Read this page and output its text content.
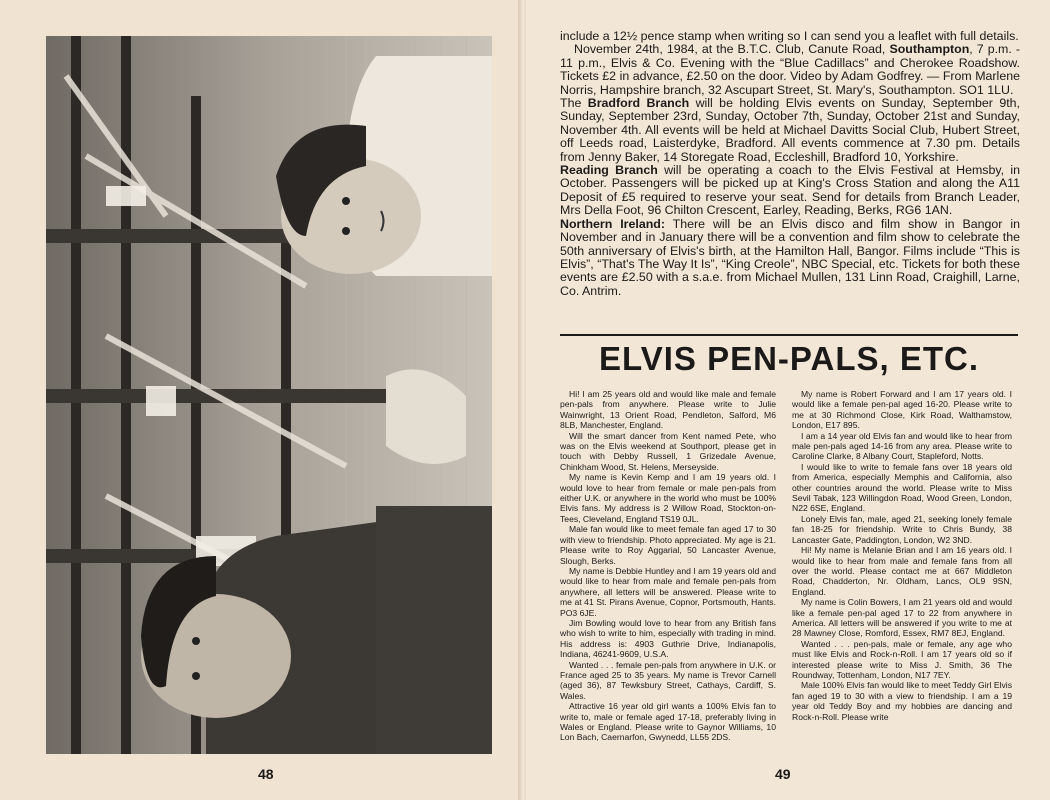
48

include a 12½ pence stamp when writing so I can send you a leaflet with full details.

November 24th, 1984, at the B.T.C. Club, Canute Road, Southampton, 7 p.m. - 11 p.m., Elvis & Co. Evening with the “Blue Cadillacs” and Cherokee Roadshow. Tickets £2 in advance, £2.50 on the door. Video by Adam Godfrey. — From Marlene Norris, Hampshire branch, 32 Ascupart Street, St. Mary's, Southampton. SO1 1LU.

The Bradford Branch will be holding Elvis events on Sunday, September 9th, Sunday, September 23rd, Sunday, October 7th, Sunday, October 21st and Sunday, November 4th. All events will be held at Michael Davitts Social Club, Hubert Street, off Leeds road, Laisterdyke, Bradford. All events commence at 7.30 pm. Details from Jenny Baker, 14 Storegate Road, Eccleshill, Bradford 10, Yorkshire.

Reading Branch will be operating a coach to the Elvis Festival at Hemsby, in October. Passengers will be picked up at King's Cross Station and along the A11 Deposit of £5 required to reserve your seat. Send for details from Branch Leader, Mrs Della Foot, 96 Chilton Crescent, Earley, Reading, Berks, RG6 1AN.

Northern Ireland: There will be an Elvis disco and film show in Bangor in November and in January there will be a convention and film show to celebrate the 50th anniversary of Elvis's birth, at the Hamilton Hall, Bangor. Films include “This is Elvis”, “That's The Way It Is”, “King Creole”, NBC Special, etc. Tickets for both these events are £2.50 with a s.a.e. from Michael Mullen, 131 Linn Road, Craighill, Larne, Co. Antrim.

ELVIS PEN-PALS, ETC.

Hi! I am 25 years old and would like male and female pen-pals from anywhere. Please write to Julie Wainwright, 13 Orient Road, Pendleton, Salford, M6 8LB, Manchester, England.

Will the smart dancer from Kent named Pete, who was on the Elvis weekend at Southport, please get in touch with Debby Russell, 1 Grizedale Avenue, Chinkham Wood, St. Helens, Merseyside.

My name is Kevin Kemp and I am 19 years old. I would love to hear from female or male pen-pals from either U.K. or anywhere in the world who must be 100% Elvis fans. My address is 2 Willow Road, Stockton-on-Tees, Cleveland, England TS19 0JL.

Male fan would like to meet female fan aged 17 to 30 with view to friendship. Photo appreciated. My age is 21. Please write to Roy Aggarial, 50 Lancaster Avenue, Slough, Berks.

My name is Debbie Huntley and I am 19 years old and would like to hear from male and female pen-pals from anywhere, all letters will be answered. Please write to me at 41 St. Pirans Avenue, Copnor, Portsmouth, Hants. PO3 6JE.

Jim Bowling would love to hear from any British fans who wish to write to him, especially with trading in mind. His address is: 4903 Guthrie Drive, Indianapolis, Indiana, 46241-9609, U.S.A.

Wanted . . . female pen-pals from anywhere in U.K. or France aged 25 to 35 years. My name is Trevor Carnell (aged 36), 87 Tewksbury Street, Cathays, Cardiff, S. Wales.

Attractive 16 year old girl wants a 100% Elvis fan to write to, male or female aged 17-18, preferably living in Wales or England. Please write to Gaynor Williams, 10 Lon Bach, Caernarfon, Gwynedd, LL55 2DS.

My name is Robert Forward and I am 17 years old. I would like a female pen-pal aged 16-20. Please write to me at 30 Richmond Close, Kirk Road, Walthamstow, London, E17 895.

I am a 14 year old Elvis fan and would like to hear from male pen-pals aged 14-16 from any area. Please write to Caroline Clarke, 8 Albany Court, Stapleford, Notts.

I would like to write to female fans over 18 years old from America, especially Memphis and California, also other countries around the world. Please write to Miss Sevil Tabak, 123 Willingdon Road, Wood Green, London, N22 6SE, England.

Lonely Elvis fan, male, aged 21, seeking lonely female fan 18-25 for friendship. Write to Chris Bundy, 38 Lancaster Gate, Paddington, London, W2 3ND.

Hi! My name is Melanie Brian and I am 16 years old. I would like to hear from male and female fans from all over the world. Please contact me at 667 Middleton Road, Chadderton, Nr. Oldham, Lancs, OL9 9SN, England.

My name is Colin Bowers, I am 21 years old and would like a female pen-pal aged 17 to 22 from anywhere in America. All letters will be answered if you write to me at 28 Mawney Close, Romford, Essex, RM7 8EJ, England.

Wanted . . . pen-pals, male or female, any age who must like Elvis and Rock-n-Roll. I am 17 years old so if interested please write to Miss J. Smith, 36 The Roundway, Tottenham, London, N17 7EY.

Male 100% Elvis fan would like to meet Teddy Girl Elvis fan aged 19 to 30 with a view to friendship. I am a 19 year old Teddy Boy and my hobbies are dancing and Rock-n-Roll. Please write

49
